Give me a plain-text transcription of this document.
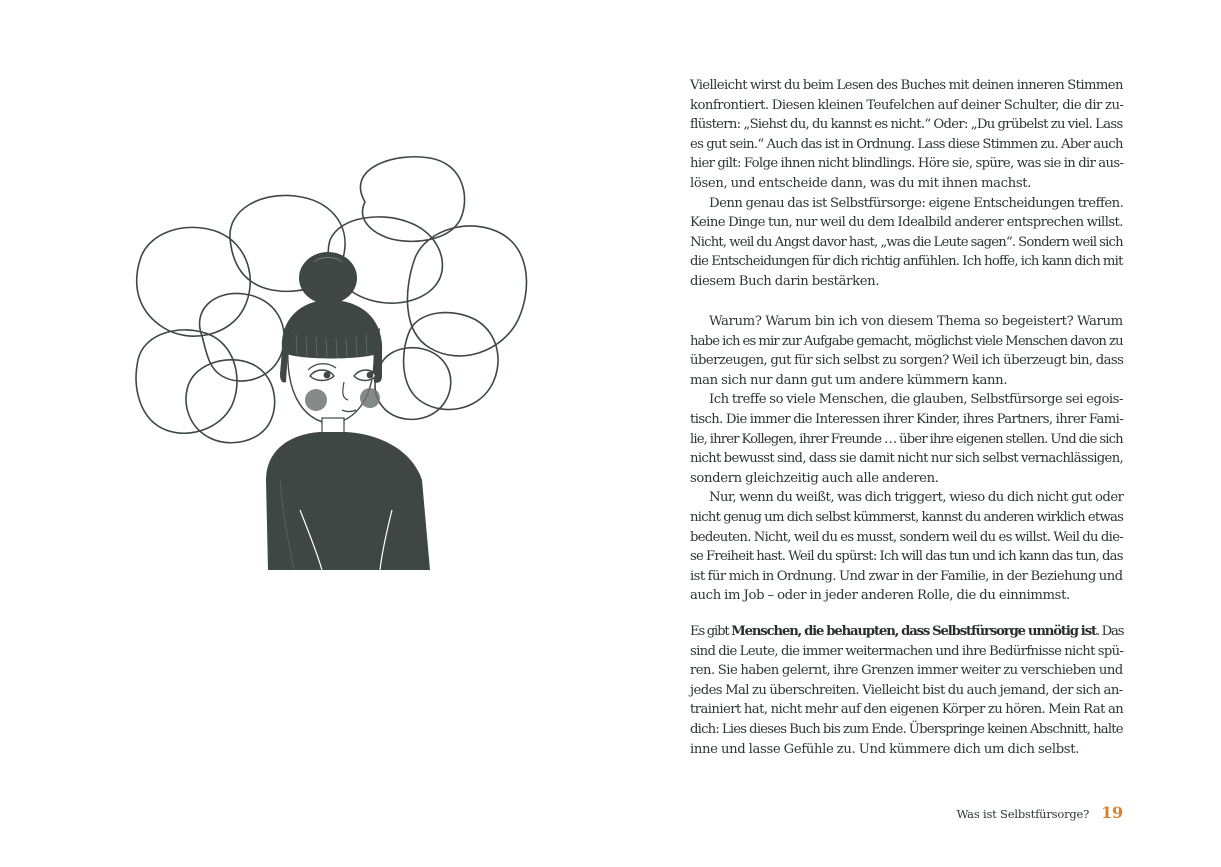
Vielleicht wirst du beim Lesen des Buches mit deinen inneren Stimmen
konfrontiert. Diesen kleinen Teufelchen auf deiner Schulter, die dir zu-
flüstern: „Siehst du, du kannst es nicht.“ Oder: „Du grübelst zu viel. Lass
es gut sein.“ Auch das ist in Ordnung. Lass diese Stimmen zu. Aber auch
hier gilt: Folge ihnen nicht blindlings. Höre sie, spüre, was sie in dir aus-
lösen, und entscheide dann, was du mit ihnen machst.
Denn genau das ist Selbstfürsorge: eigene Entscheidungen treffen.
Keine Dinge tun, nur weil du dem Idealbild anderer entsprechen willst.
Nicht, weil du Angst davor hast, „was die Leute sagen“. Sondern weil sich
die Entscheidungen für dich richtig anfühlen. Ich hoffe, ich kann dich mit
diesem Buch darin bestärken.
Warum? Warum bin ich von diesem Thema so begeistert? Warum
habe ich es mir zur Aufgabe gemacht, möglichst viele Menschen davon zu
überzeugen, gut für sich selbst zu sorgen? Weil ich überzeugt bin, dass
man sich nur dann gut um andere kümmern kann.
Ich treffe so viele Menschen, die glauben, Selbstfürsorge sei egois-
tisch. Die immer die Interessen ihrer Kinder, ihres Partners, ihrer Fami-
lie, ihrer Kollegen, ihrer Freunde … über ihre eigenen stellen. Und die sich
nicht bewusst sind, dass sie damit nicht nur sich selbst vernachlässigen,
sondern gleichzeitig auch alle anderen.
Nur, wenn du weißt, was dich triggert, wieso du dich nicht gut oder
nicht genug um dich selbst kümmerst, kannst du anderen wirklich etwas
bedeuten. Nicht, weil du es musst, sondern weil du es willst. Weil du die-
se Freiheit hast. Weil du spürst: Ich will das tun und ich kann das tun, das
ist für mich in Ordnung. Und zwar in der Familie, in der Beziehung und
auch im Job – oder in jeder anderen Rolle, die du einnimmst.
Es gibt Menschen, die behaupten, dass Selbstfürsorge unnötig ist. Das
sind die Leute, die immer weitermachen und ihre Bedürfnisse nicht spü-
ren. Sie haben gelernt, ihre Grenzen immer weiter zu verschieben und
jedes Mal zu überschreiten. Vielleicht bist du auch jemand, der sich an-
trainiert hat, nicht mehr auf den eigenen Körper zu hören. Mein Rat an
dich: Lies dieses Buch bis zum Ende. Überspringe keinen Abschnitt, halte
inne und lasse Gefühle zu. Und kümmere dich um dich selbst.
Was ist Selbstfürsorge? 19
